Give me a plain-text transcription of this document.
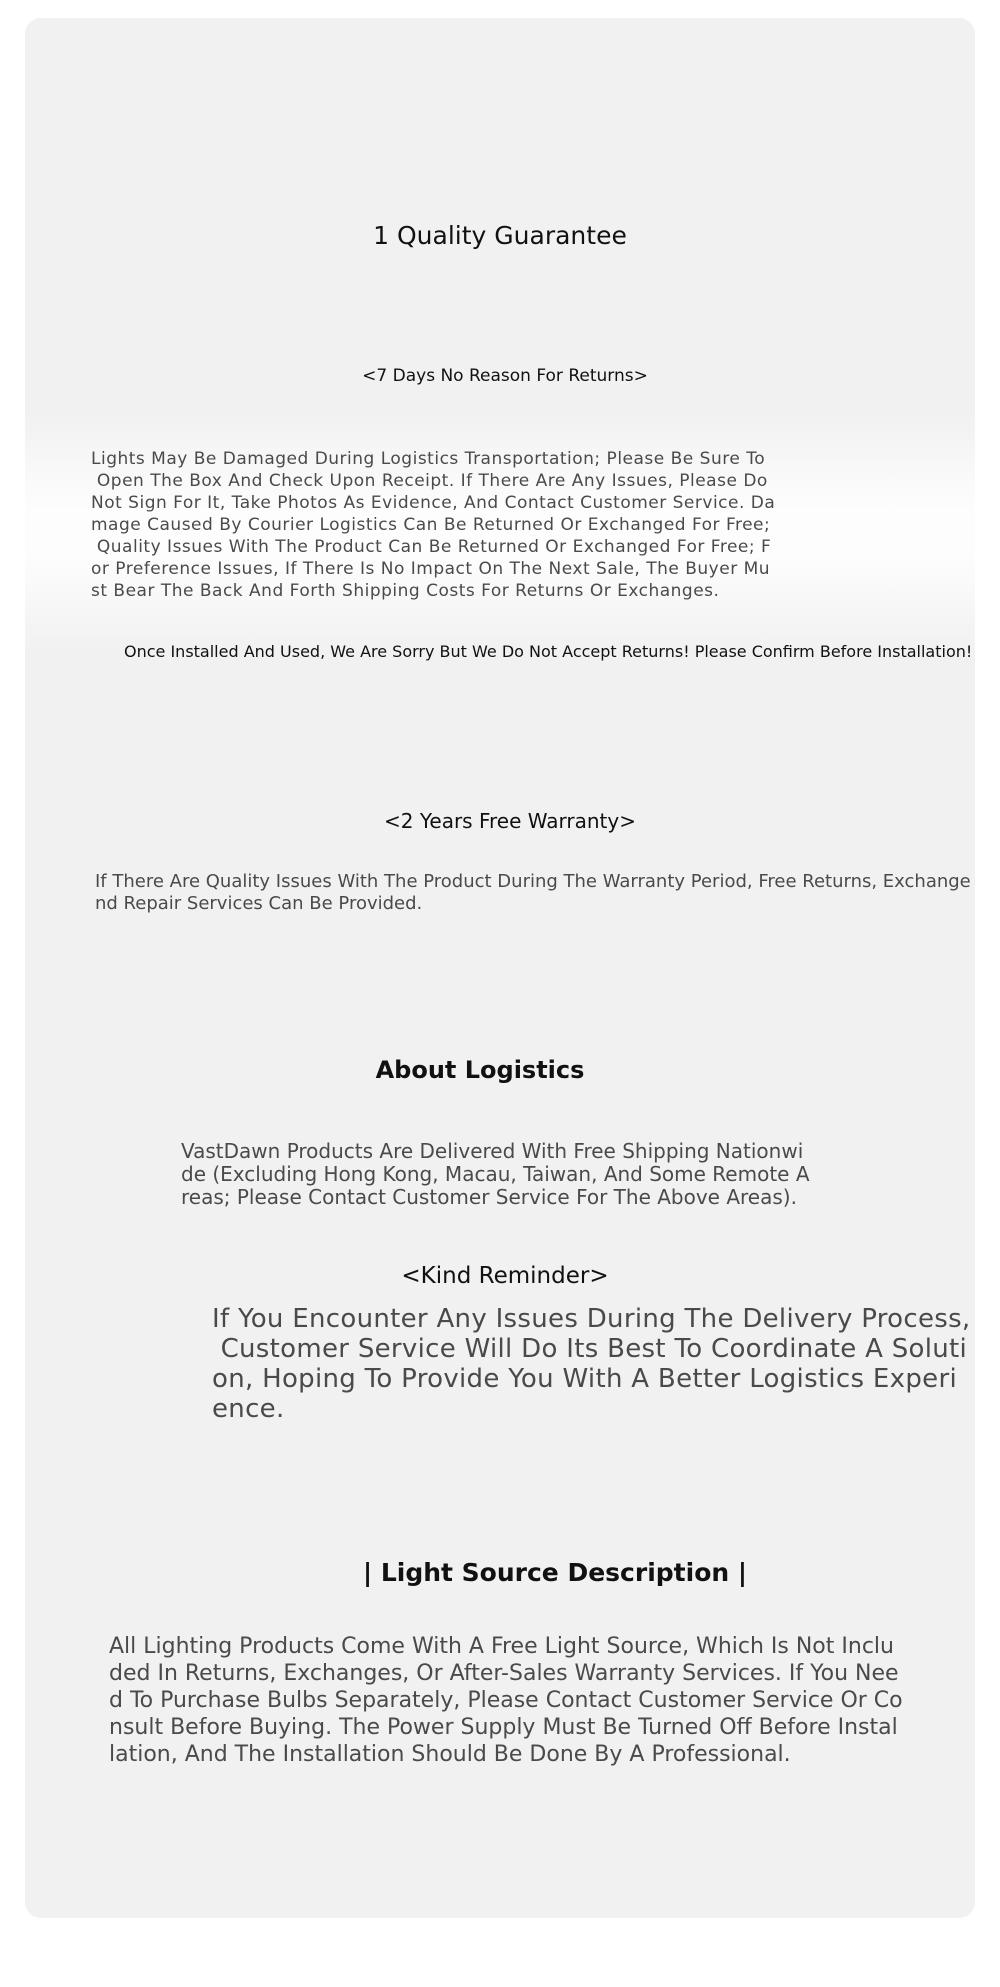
1 Quality Guarantee
<7 Days No Reason For Returns>
Lights May Be Damaged During Logistics Transportation; Please Be Sure To
Open The Box And Check Upon Receipt. If There Are Any Issues, Please Do
Not Sign For It, Take Photos As Evidence, And Contact Customer Service. Da
mage Caused By Courier Logistics Can Be Returned Or Exchanged For Free;
Quality Issues With The Product Can Be Returned Or Exchanged For Free; F
or Preference Issues, If There Is No Impact On The Next Sale, The Buyer Mu
st Bear The Back And Forth Shipping Costs For Returns Or Exchanges.
Once Installed And Used, We Are Sorry But We Do Not Accept Returns! Please Confirm Before Installation!
<2 Years Free Warranty>
If There Are Quality Issues With The Product During The Warranty Period, Free Returns, Exchange
nd Repair Services Can Be Provided.
About Logistics
VastDawn Products Are Delivered With Free Shipping Nationwi
de (Excluding Hong Kong, Macau, Taiwan, And Some Remote A
reas; Please Contact Customer Service For The Above Areas).
<Kind Reminder>
If You Encounter Any Issues During The Delivery Process,
Customer Service Will Do Its Best To Coordinate A Soluti
on, Hoping To Provide You With A Better Logistics Experi
ence.
| Light Source Description |
All Lighting Products Come With A Free Light Source, Which Is Not Inclu
ded In Returns, Exchanges, Or After-Sales Warranty Services. If You Nee
d To Purchase Bulbs Separately, Please Contact Customer Service Or Co
nsult Before Buying. The Power Supply Must Be Turned Off Before Instal
lation, And The Installation Should Be Done By A Professional.
